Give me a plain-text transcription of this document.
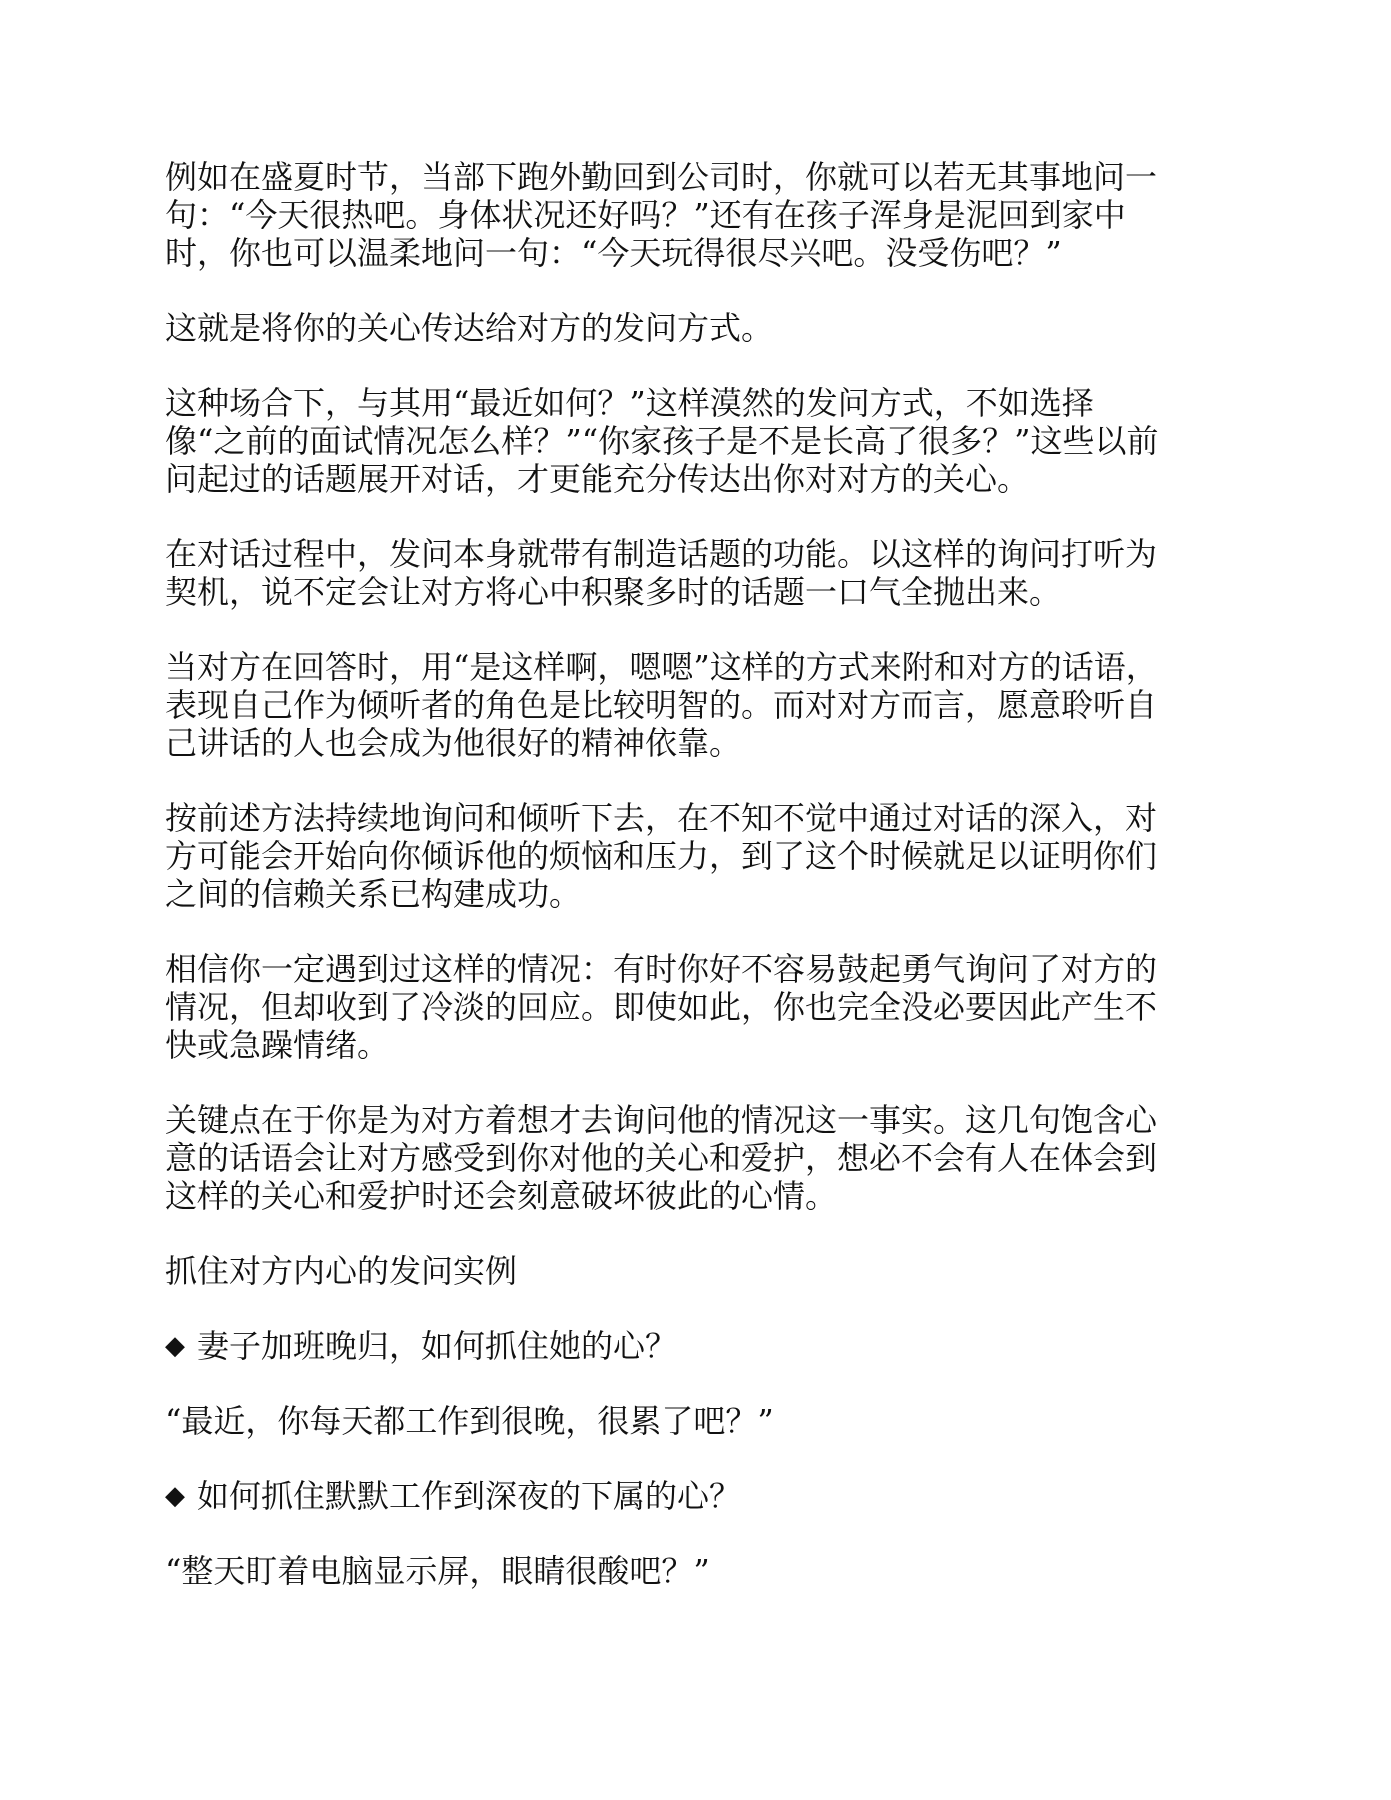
例如在盛夏时节，当部下跑外勤回到公司时，你就可以若无其事地问一
句：“今天很热吧。身体状况还好吗？”还有在孩子浑身是泥回到家中
时，你也可以温柔地问一句：“今天玩得很尽兴吧。没受伤吧？”

这就是将你的关心传达给对方的发问方式。

这种场合下，与其用“最近如何？”这样漠然的发问方式，不如选择
像“之前的面试情况怎么样？”“你家孩子是不是长高了很多？”这些以前
问起过的话题展开对话，才更能充分传达出你对对方的关心。

在对话过程中，发问本身就带有制造话题的功能。以这样的询问打听为
契机，说不定会让对方将心中积聚多时的话题一口气全抛出来。

当对方在回答时，用“是这样啊，嗯嗯”这样的方式来附和对方的话语，
表现自己作为倾听者的角色是比较明智的。而对对方而言，愿意聆听自
己讲话的人也会成为他很好的精神依靠。

按前述方法持续地询问和倾听下去，在不知不觉中通过对话的深入，对
方可能会开始向你倾诉他的烦恼和压力，到了这个时候就足以证明你们
之间的信赖关系已构建成功。

相信你一定遇到过这样的情况：有时你好不容易鼓起勇气询问了对方的
情况，但却收到了冷淡的回应。即使如此，你也完全没必要因此产生不
快或急躁情绪。

关键点在于你是为对方着想才去询问他的情况这一事实。这几句饱含心
意的话语会让对方感受到你对他的关心和爱护，想必不会有人在体会到
这样的关心和爱护时还会刻意破坏彼此的心情。

抓住对方内心的发问实例

◆ 妻子加班晚归，如何抓住她的心？

“最近，你每天都工作到很晚，很累了吧？”

◆ 如何抓住默默工作到深夜的下属的心？

“整天盯着电脑显示屏，眼睛很酸吧？”
